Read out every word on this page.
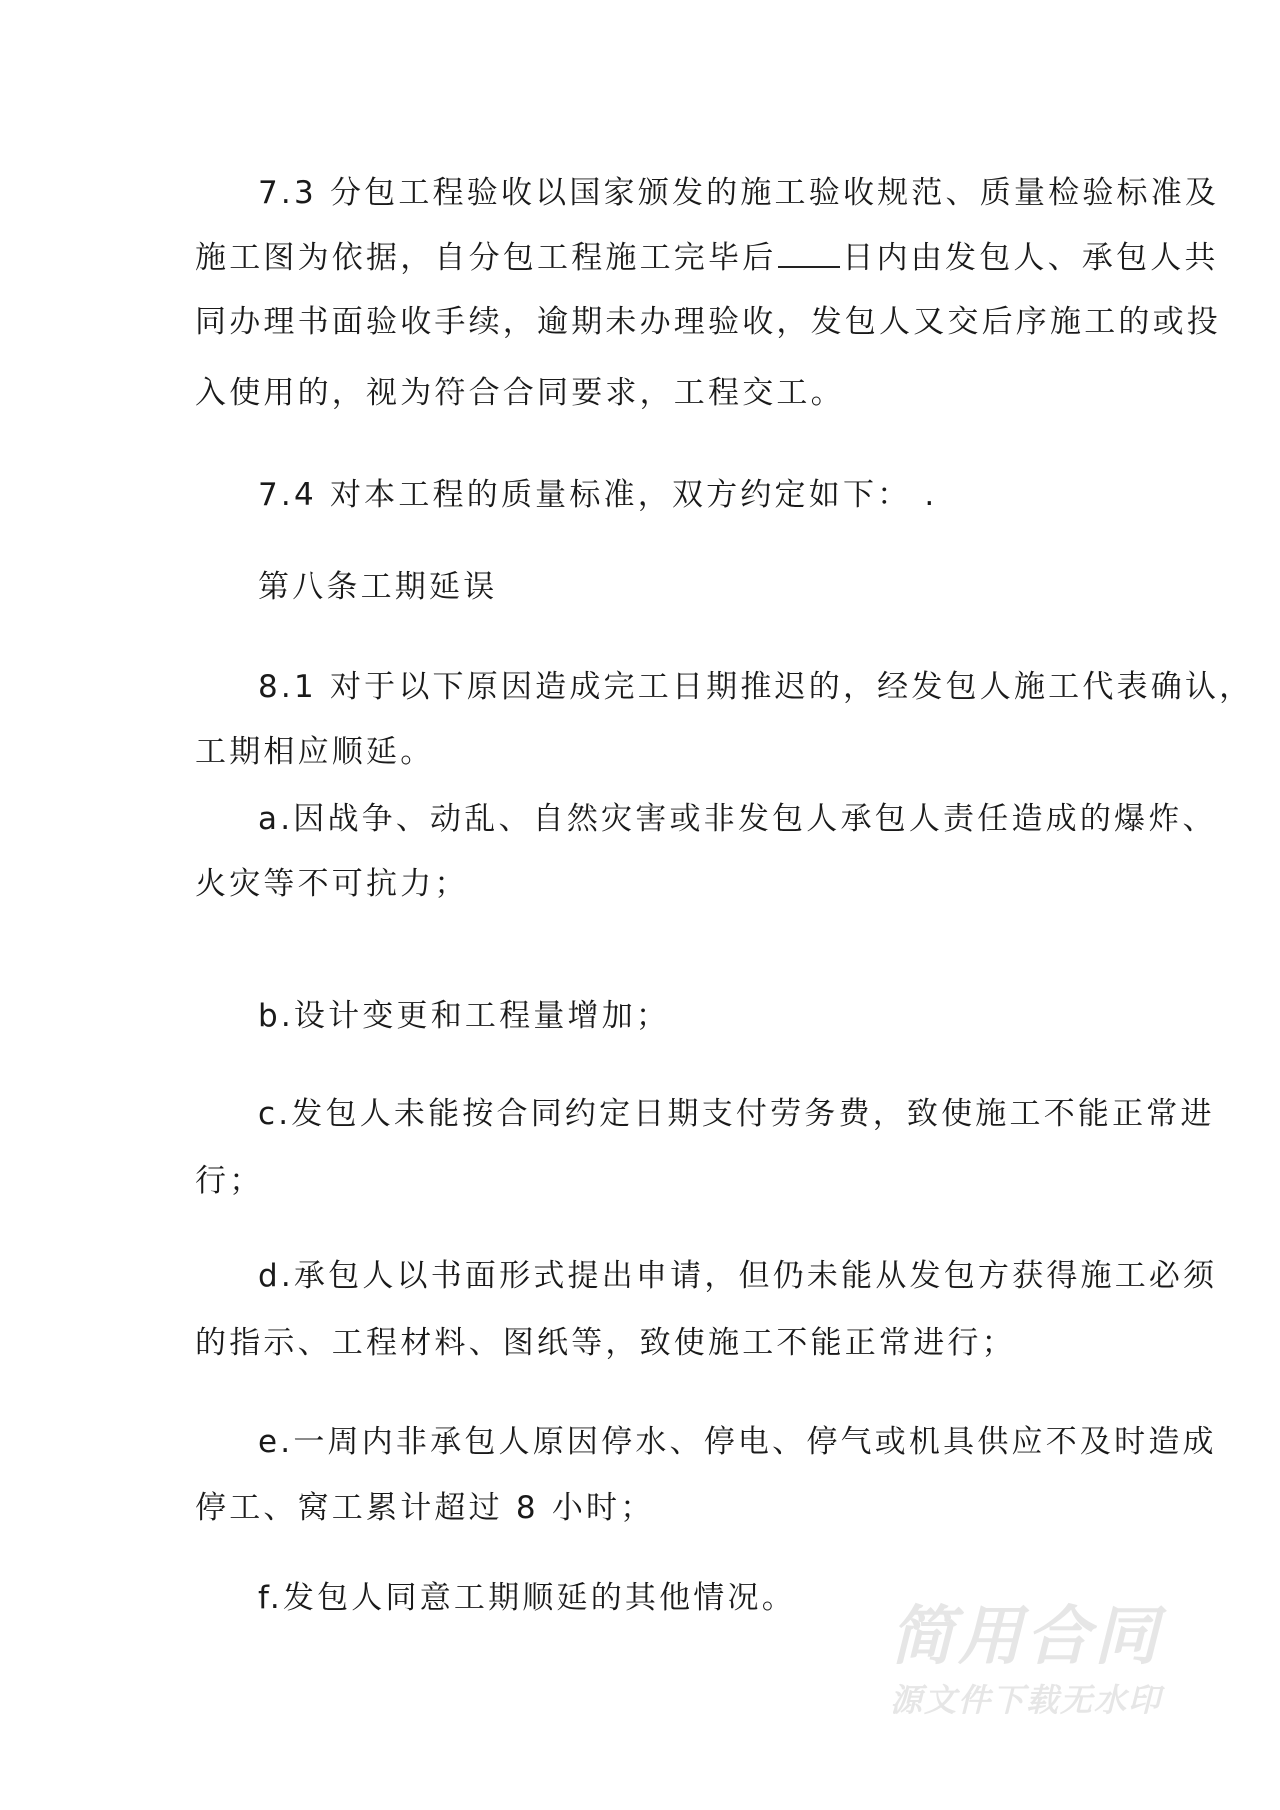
7.3 分包工程验收以国家颁发的施工验收规范、质量检验标准及
施工图为依据，自分包工程施工完毕后 日内由发包人、承包人共
同办理书面验收手续，逾期未办理验收，发包人又交后序施工的或投
入使用的，视为符合合同要求，工程交工。
7.4 对本工程的质量标准，双方约定如下： .
第八条工期延误
8.1 对于以下原因造成完工日期推迟的，经发包人施工代表确认，
工期相应顺延。
a.因战争、动乱、自然灾害或非发包人承包人责任造成的爆炸、
火灾等不可抗力；
b.设计变更和工程量增加；
c.发包人未能按合同约定日期支付劳务费，致使施工不能正常进
行；
d.承包人以书面形式提出申请，但仍未能从发包方获得施工必须
的指示、工程材料、图纸等，致使施工不能正常进行；
e.一周内非承包人原因停水、停电、停气或机具供应不及时造成
停工、窝工累计超过 8 小时；
f.发包人同意工期顺延的其他情况。
简用合同
源文件下载无水印
